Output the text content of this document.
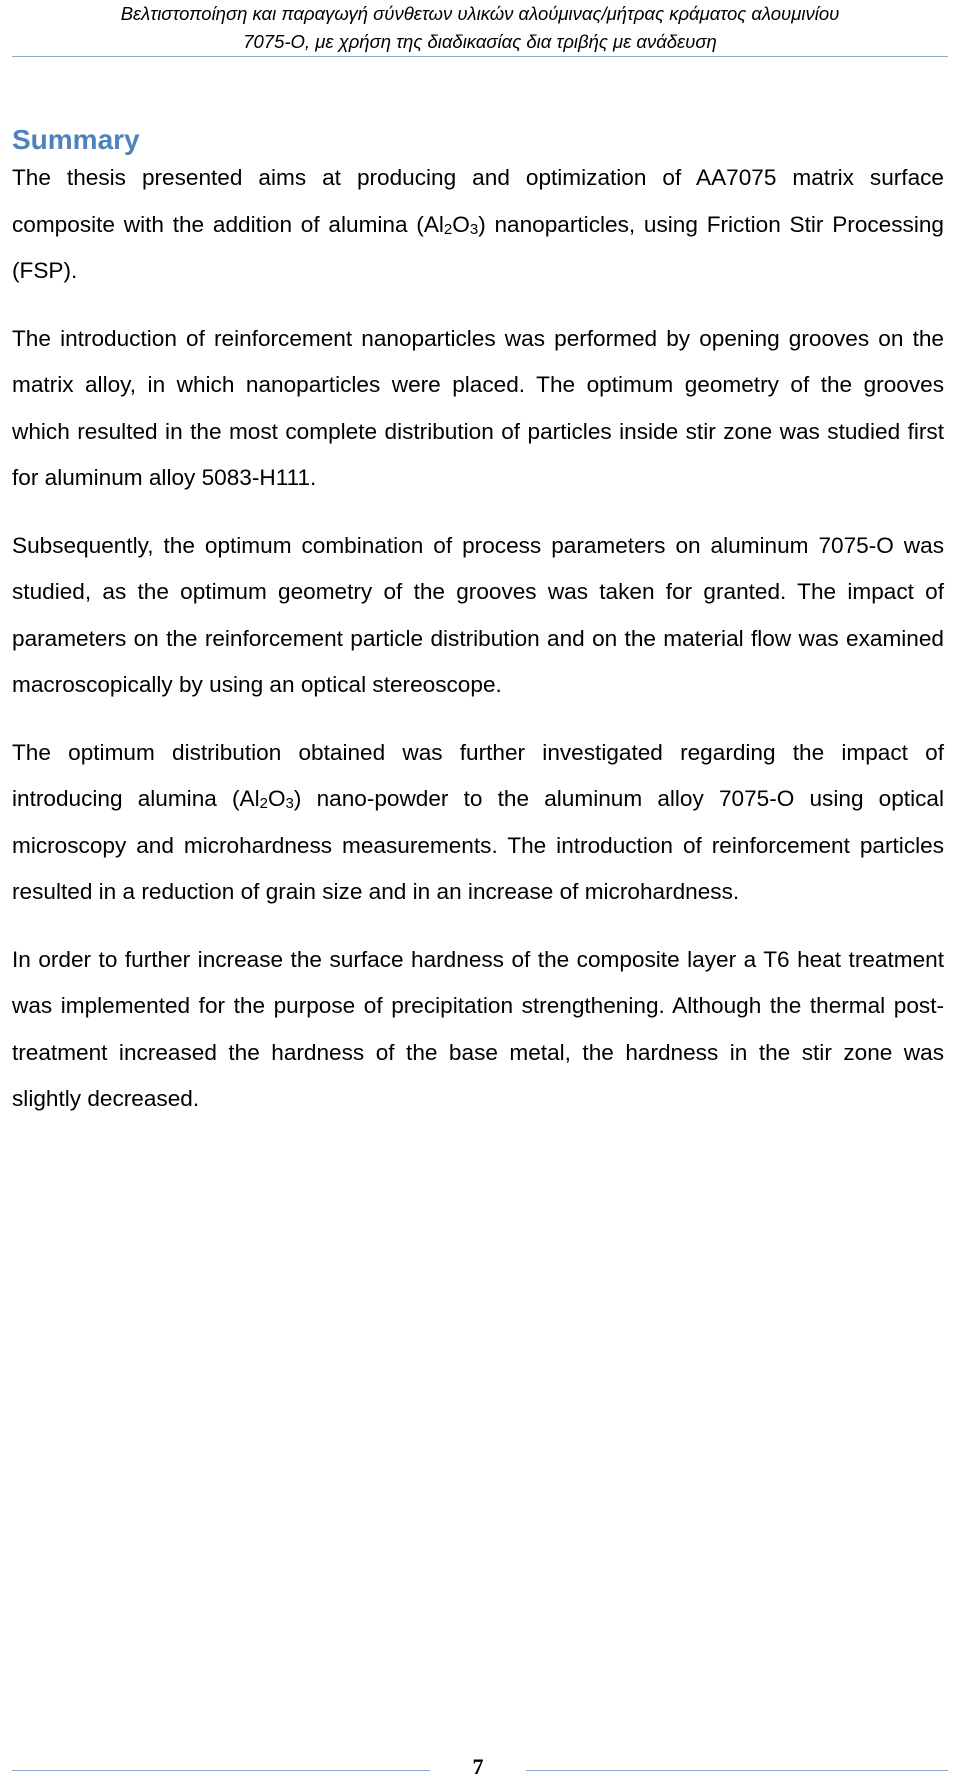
Βελτιστοποίηση και παραγωγή σύνθετων υλικών αλούμινας/μήτρας κράματος αλουμινίου
7075-O, με χρήση της διαδικασίας δια τριβής με ανάδευση
Summary

The thesis presented aims at producing and optimization of AA7075 matrix surface composite with the addition of alumina $(Al_2O_3)$ nanoparticles, using Friction Stir Processing (FSP).

The introduction of reinforcement nanoparticles was performed by opening grooves on the matrix alloy, in which nanoparticles were placed. The optimum geometry of the grooves which resulted in the most complete distribution of particles inside stir zone was studied first for aluminum alloy 5083-H111.

Subsequently, the optimum combination of process parameters on aluminum 7075-O was studied, as the optimum geometry of the grooves was taken for granted. The impact of parameters on the reinforcement particle distribution and on the material flow was examined macroscopically by using an optical stereoscope.

The optimum distribution obtained was further investigated regarding the impact of introducing alumina $(Al_2O_3)$ nano-powder to the aluminum alloy 7075-O using optical microscopy and microhardness measurements. The introduction of reinforcement particles resulted in a reduction of grain size and in an increase of microhardness.

In order to further increase the surface hardness of the composite layer a T6 heat treatment was implemented for the purpose of precipitation strengthening. Although the thermal post-treatment increased the hardness of the base metal, the hardness in the stir zone was slightly decreased.

7
